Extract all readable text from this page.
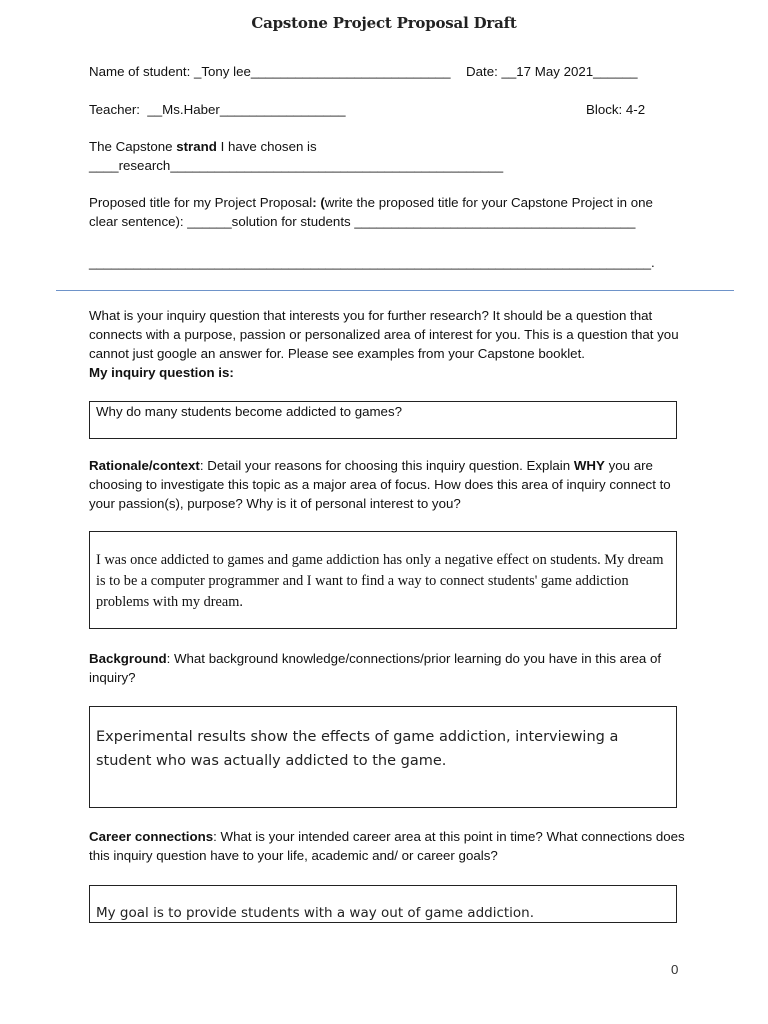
Capstone Project Proposal Draft
Name of student: _Tony lee___________________________ Date: __17 May 2021______
Teacher:  __Ms.Haber_________________	Block: 4-2
The Capstone strand I have chosen is
____research_____________________________________________
Proposed title for my Project Proposal: (write the proposed title for your Capstone Project in one
clear sentence): ______solution for students ______________________________________
____________________________________________________________________________.
What is your inquiry question that interests you for further research? It should be a question that connects with a purpose, passion or personalized area of interest for you. This is a question that you cannot just google an answer for. Please see examples from your Capstone booklet.
My inquiry question is:
Why do many students become addicted to games?
Rationale/context: Detail your reasons for choosing this inquiry question. Explain WHY you are choosing to investigate this topic as a major area of focus. How does this area of inquiry connect to your passion(s), purpose? Why is it of personal interest to you?
I was once addicted to games and game addiction has only a negative effect on students. My dream is to be a computer programmer and I want to find a way to connect students' game addiction problems with my dream.
Background: What background knowledge/connections/prior learning do you have in this area of inquiry?
Experimental results show the effects of game addiction, interviewing a student who was actually addicted to the game.
Career connections: What is your intended career area at this point in time? What connections does this inquiry question have to your life, academic and/ or career goals?
My goal is to provide students with a way out of game addiction.
0
